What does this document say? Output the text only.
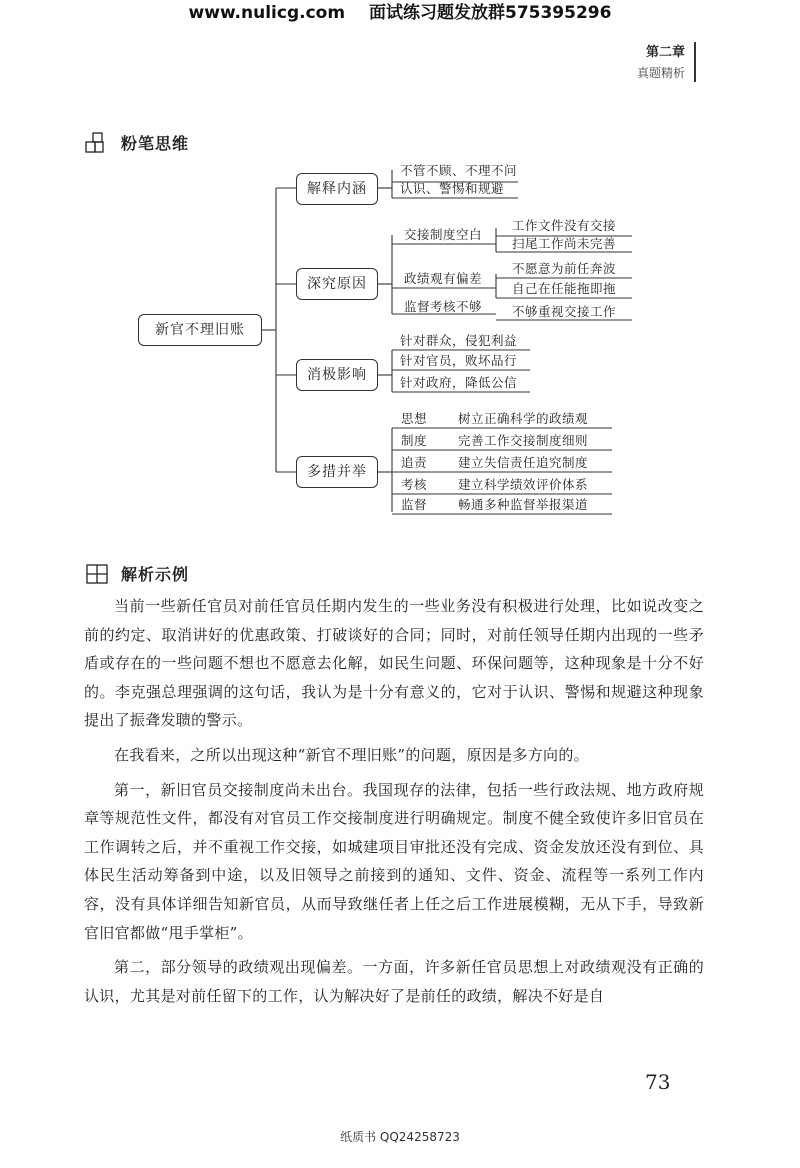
www.nulicg.com 面试练习题发放群575395296
第二章
真题精析
粉笔思维
新官不理旧账
解释内涵
深究原因
消极影响
多措并举
不管不顾、不理不问
认识、警惕和规避
交接制度空白
工作文件没有交接
扫尾工作尚未完善
政绩观有偏差
不愿意为前任奔波
自己在任能拖即拖
监督考核不够 不够重视交接工作
针对群众，侵犯利益
针对官员，败坏品行
针对政府，降低公信
思想	树立正确科学的政绩观
制度	完善工作交接制度细则
追责	建立失信责任追究制度
考核	建立科学绩效评价体系
监督	畅通多种监督举报渠道
解析示例

当前一些新任官员对前任官员任期内发生的一些业务没有积极进行处理，比如说改变之前的约定、取消讲好的优惠政策、打破谈好的合同；同时，对前任领导任期内出现的一些矛盾或存在的一些问题不想也不愿意去化解，如民生问题、环保问题等，这种现象是十分不好的。李克强总理强调的这句话，我认为是十分有意义的，它对于认识、警惕和规避这种现象提出了振聋发聩的警示。

在我看来，之所以出现这种“新官不理旧账”的问题，原因是多方向的。

第一，新旧官员交接制度尚未出台。我国现存的法律，包括一些行政法规、地方政府规章等规范性文件，都没有对官员工作交接制度进行明确规定。制度不健全致使许多旧官员在工作调转之后，并不重视工作交接，如城建项目审批还没有完成、资金发放还没有到位、具体民生活动筹备到中途，以及旧领导之前接到的通知、文件、资金、流程等一系列工作内容，没有具体详细告知新官员，从而导致继任者上任之后工作进展模糊，无从下手，导致新官旧官都做“甩手掌柜”。

第二，部分领导的政绩观出现偏差。一方面，许多新任官员思想上对政绩观没有正确的认识，尤其是对前任留下的工作，认为解决好了是前任的政绩，解决不好是自

73
纸质书 QQ24258723
